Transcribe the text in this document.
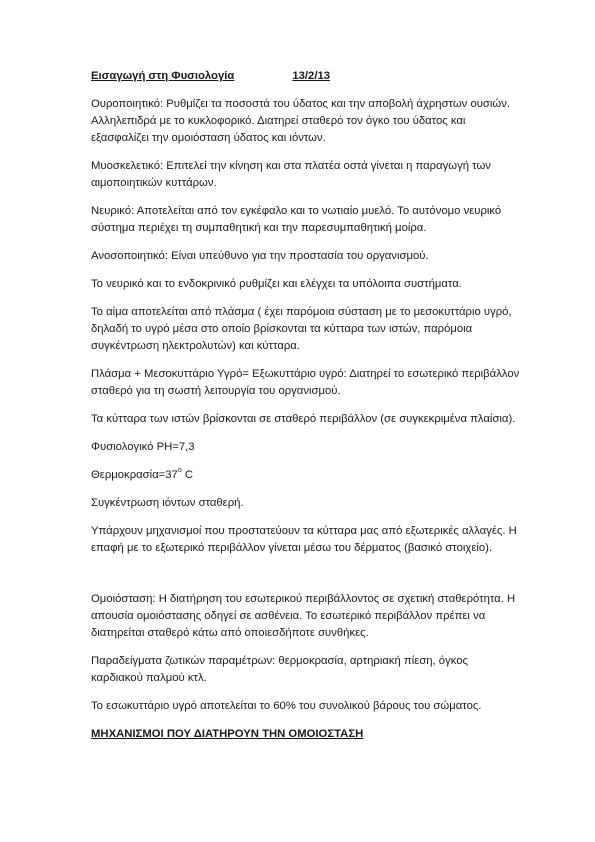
Εισαγωγή στη Φυσιολογία	13/2/13

Ουροποιητικό: Ρυθμίζει τα ποσοστά του ύδατος και την αποβολή άχρηστων ουσιών. Αλληλεπιδρά με το κυκλοφορικό. Διατηρεί σταθερό τον όγκο του ύδατος και εξασφαλίζει την ομοιόσταση ύδατος και ιόντων.

Μυοσκελετικό: Επιτελεί την κίνηση και στα πλατέα οστά γίνεται η παραγωγή των αιμοποιητικών κυττάρων.

Νευρικό: Αποτελείται από τον εγκέφαλο και το νωτιαίο μυελό. Το αυτόνομο νευρικό σύστημα περιέχει τη συμπαθητική και την παρεσυμπαθητική μοίρα.

Ανοσοποιητικό: Είναι υπεύθυνο για την προστασία του οργανισμού.

Το νευρικό και το ενδοκρινικό ρυθμίζει και ελέγχει τα υπόλοιπα συστήματα.

Το αίμα αποτελείται από πλάσμα ( έχει παρόμοια σύσταση με το μεσοκυττάριο υγρό, δηλαδή το υγρό μέσα στο οποίο βρίσκονται τα κύτταρα των ιστών, παρόμοια συγκέντρωση ηλεκτρολυτών) και κύτταρα.

Πλάσμα + Μεσοκυττάριο Υγρό= Εξωκυττάριο υγρό: Διατηρεί το εσωτερικό περιβάλλον σταθερό για τη σωστή λειτουργία του οργανισμού.

Τα κύτταρα των ιστών βρίσκονται σε σταθερό περιβάλλον (σε συγκεκριμένα πλαίσια).

Φυσιολογικό PH=7,3

$\Theta\varepsilon\rho\mu o\kappa\rho\alpha\sigma ί\alpha=37^o$ C

Συγκέντρωση ιόντων σταθερή.

Υπάρχουν μηχανισμοί που προστατεύουν τα κύτταρα μας από εξωτερικές αλλαγές. Η επαφή με το εξωτερικό περιβάλλον γίνεται μέσω του δέρματος (βασικό στοιχείο).

Ομοιόσταση: Η διατήρηση του εσωτερικού περιβάλλοντος σε σχετική σταθερότητα. Η απουσία ομοιόστασης οδηγεί σε ασθένεια. Το εσωτερικό περιβάλλον πρέπει να διατηρείται σταθερό κάτω από οποιεσδήποτε συνθήκες.

Παραδείγματα ζωτικών παραμέτρων: θερμοκρασία, αρτηριακή πίεση, όγκος καρδιακού παλμού κτλ.

Το εσωκυττάριο υγρό αποτελείται το 60% του συνολικού βάρους του σώματος.

ΜΗΧΑΝΙΣΜΟΙ ΠΟΥ ΔΙΑΤΗΡΟΥΝ ΤΗΝ ΟΜΟΙΟΣΤΑΣΗ
